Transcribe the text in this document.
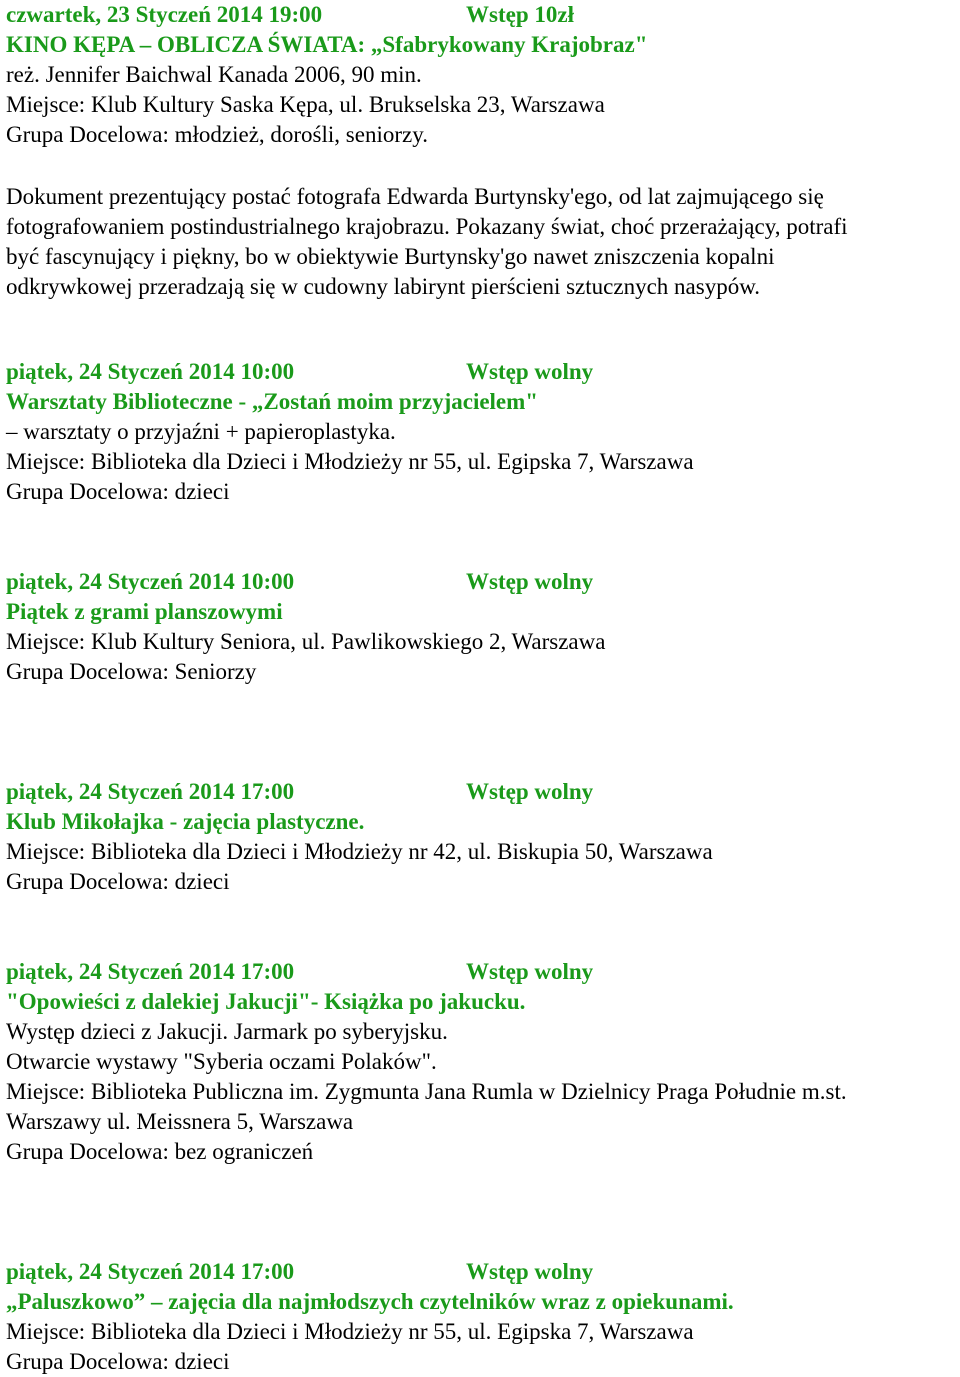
czwartek, 23 Styczeń 2014 19:00	Wstęp 10zł
KINO KĘPA – OBLICZA ŚWIATA: „Sfabrykowany Krajobraz"
reż. Jennifer Baichwal Kanada 2006, 90 min.
Miejsce: Klub Kultury Saska Kępa, ul. Brukselska 23, Warszawa
Grupa Docelowa: młodzież, dorośli, seniorzy.
Dokument prezentujący postać fotografa Edwarda Burtynsky'ego, od lat zajmującego się
fotografowaniem postindustrialnego krajobrazu. Pokazany świat, choć przerażający, potrafi
być fascynujący i piękny, bo w obiektywie Burtynsky'go nawet zniszczenia kopalni
odkrywkowej przeradzają się w cudowny labirynt pierścieni sztucznych nasypów.
piątek, 24 Styczeń 2014 10:00	Wstęp wolny
Warsztaty Biblioteczne - „Zostań moim przyjacielem"
– warsztaty o przyjaźni + papieroplastyka.
Miejsce: Biblioteka dla Dzieci i Młodzieży nr 55, ul. Egipska 7, Warszawa
Grupa Docelowa: dzieci
piątek, 24 Styczeń 2014 10:00	Wstęp wolny
Piątek z grami planszowymi
Miejsce: Klub Kultury Seniora, ul. Pawlikowskiego 2, Warszawa
Grupa Docelowa: Seniorzy
piątek, 24 Styczeń 2014 17:00	Wstęp wolny
Klub Mikołajka - zajęcia plastyczne.
Miejsce: Biblioteka dla Dzieci i Młodzieży nr 42, ul. Biskupia 50, Warszawa
Grupa Docelowa: dzieci
piątek, 24 Styczeń 2014 17:00	Wstęp wolny
"Opowieści z dalekiej Jakucji"- Książka po jakucku.
Występ dzieci z Jakucji. Jarmark po syberyjsku.
Otwarcie wystawy "Syberia oczami Polaków".
Miejsce: Biblioteka Publiczna im. Zygmunta Jana Rumla w Dzielnicy Praga Południe m.st.
Warszawy ul. Meissnera 5, Warszawa
Grupa Docelowa: bez ograniczeń
piątek, 24 Styczeń 2014 17:00	Wstęp wolny
„Paluszkowo” – zajęcia dla najmłodszych czytelników wraz z opiekunami.
Miejsce: Biblioteka dla Dzieci i Młodzieży nr 55, ul. Egipska 7, Warszawa
Grupa Docelowa: dzieci
